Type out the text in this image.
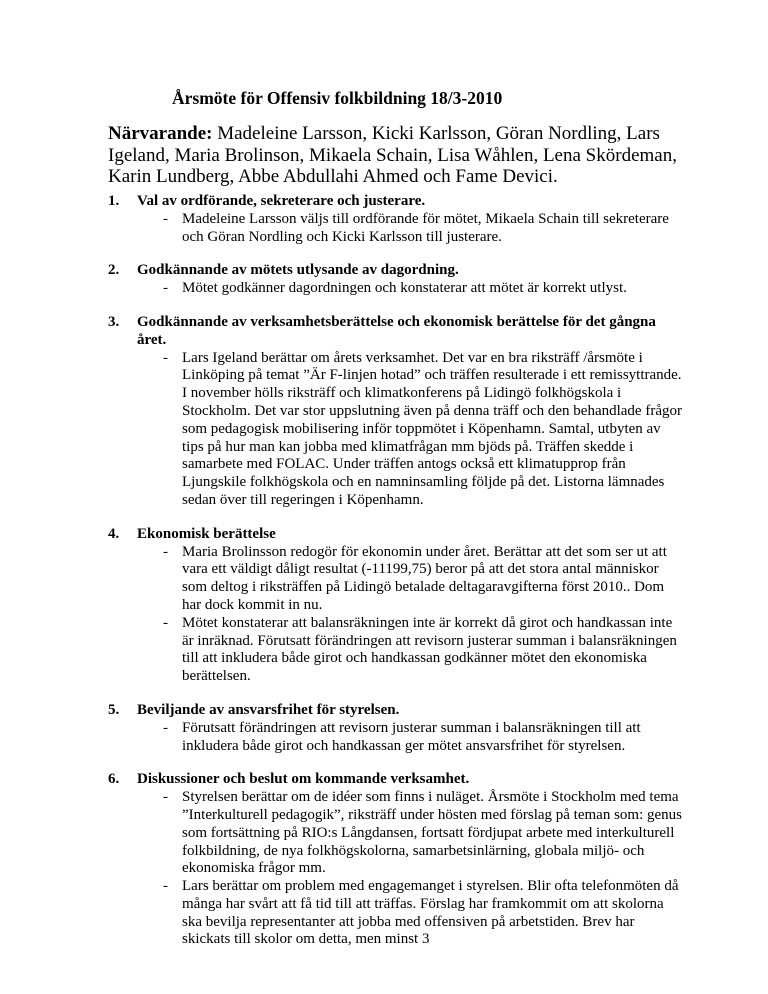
Årsmöte för Offensiv folkbildning 18/3-2010

Närvarande: Madeleine Larsson, Kicki Karlsson, Göran Nordling, Lars Igeland, Maria Brolinson, Mikaela Schain, Lisa Wåhlen, Lena Skördeman, Karin Lundberg, Abbe Abdullahi Ahmed och Fame Devici.

1.	Val av ordförande, sekreterare och justerare.
- Madeleine Larsson väljs till ordförande för mötet, Mikaela Schain till sekreterare och Göran Nordling och Kicki Karlsson till justerare.
2.	Godkännande av mötets utlysande av dagordning.
- Mötet godkänner dagordningen och konstaterar att mötet är korrekt utlyst.
3.	Godkännande av verksamhetsberättelse och ekonomisk berättelse för det gångna året.
- Lars Igeland berättar om årets verksamhet. Det var en bra riksträff /årsmöte i Linköping på temat ”Är F-linjen hotad” och träffen resulterade i ett remissyttrande. I november hölls riksträff och klimatkonferens på Lidingö folkhögskola i Stockholm. Det var stor uppslutning även på denna träff och den behandlade frågor som pedagogisk mobilisering inför toppmötet i Köpenhamn. Samtal, utbyten av tips på hur man kan jobba med klimatfrågan mm bjöds på. Träffen skedde i samarbete med FOLAC. Under träffen antogs också ett klimatupprop från Ljungskile folkhögskola och en namninsamling följde på det. Listorna lämnades sedan över till regeringen i Köpenhamn.
4.	Ekonomisk berättelse
- Maria Brolinsson redogör för ekonomin under året. Berättar att det som ser ut att vara ett väldigt dåligt resultat (-11199,75) beror på att det stora antal människor som deltog i riksträffen på Lidingö betalade deltagaravgifterna först 2010.. Dom har dock kommit in nu.
- Mötet konstaterar att balansräkningen inte är korrekt då girot och handkassan inte är inräknad. Förutsatt förändringen att revisorn justerar summan i balansräkningen till att inkludera både girot och handkassan godkänner mötet den ekonomiska berättelsen.
5.	Beviljande av ansvarsfrihet för styrelsen.
- Förutsatt förändringen att revisorn justerar summan i balansräkningen till att inkludera både girot och handkassan ger mötet ansvarsfrihet för styrelsen.
6.	Diskussioner och beslut om kommande verksamhet.
- Styrelsen berättar om de idéer som finns i nuläget. Årsmöte i Stockholm med tema ”Interkulturell pedagogik”, riksträff under hösten med förslag på teman som: genus som fortsättning på RIO:s Långdansen, fortsatt fördjupat arbete med interkulturell folkbildning, de nya folkhögskolorna, samarbetsinlärning, globala miljö- och ekonomiska frågor mm.
- Lars berättar om problem med engagemanget i styrelsen. Blir ofta telefonmöten då många har svårt att få tid till att träffas. Förslag har framkommit om att skolorna ska bevilja representanter att jobba med offensiven på arbetstiden. Brev har skickats till skolor om detta, men minst 3
